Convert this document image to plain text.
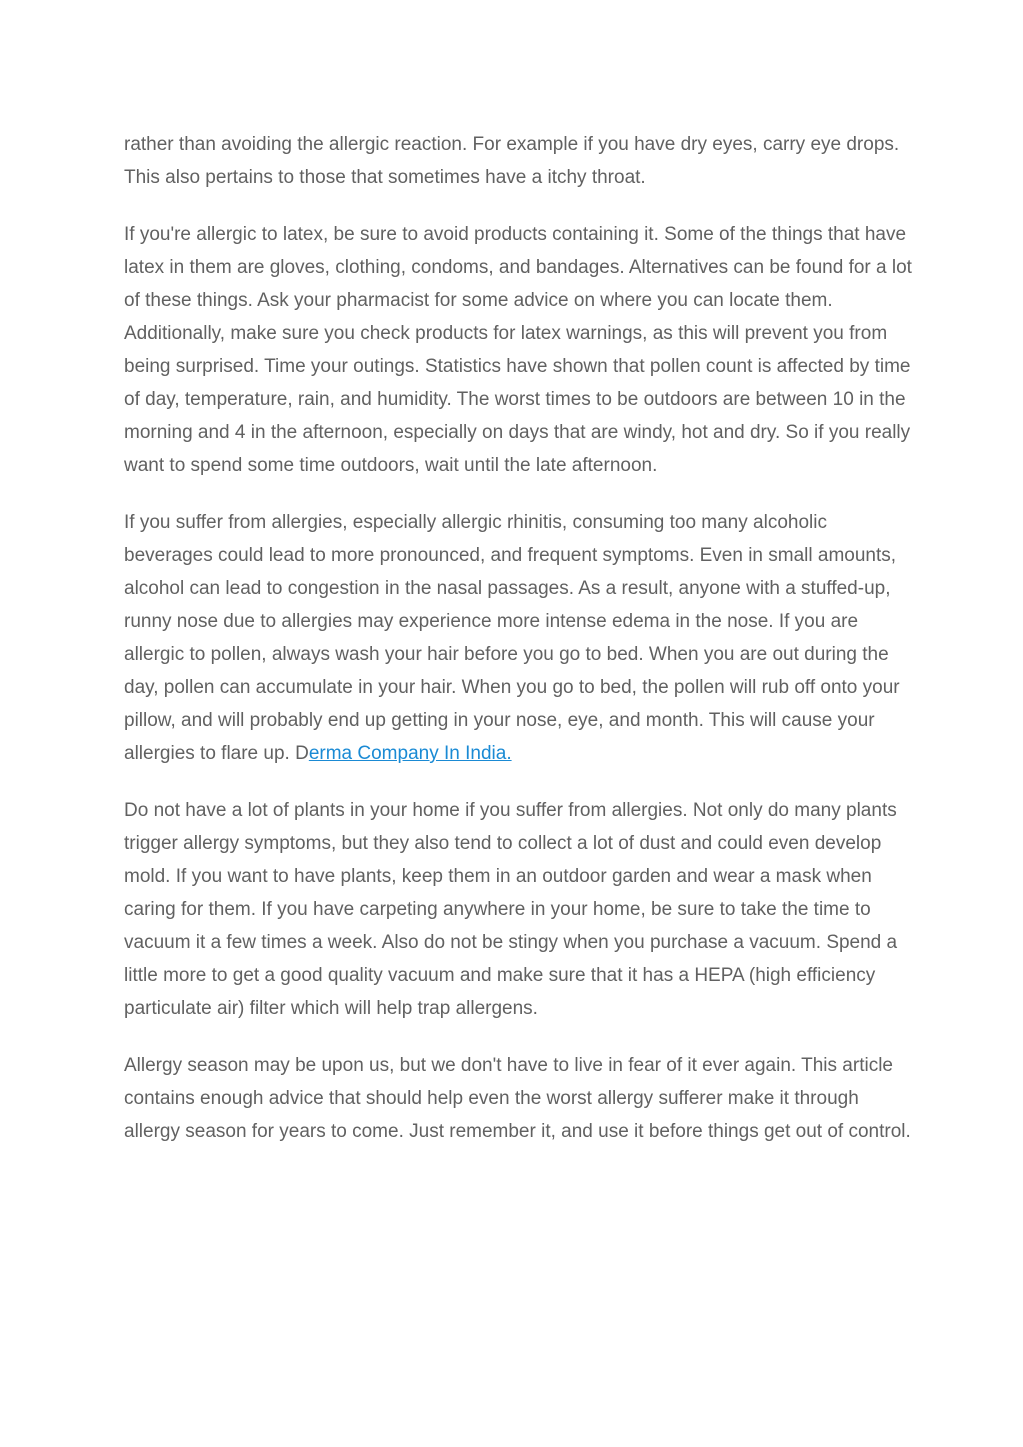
rather than avoiding the allergic reaction. For example if you have dry eyes, carry eye drops. This also pertains to those that sometimes have a itchy throat.

If you're allergic to latex, be sure to avoid products containing it. Some of the things that have latex in them are gloves, clothing, condoms, and bandages. Alternatives can be found for a lot of these things. Ask your pharmacist for some advice on where you can locate them. Additionally, make sure you check products for latex warnings, as this will prevent you from being surprised. Time your outings. Statistics have shown that pollen count is affected by time of day, temperature, rain, and humidity. The worst times to be outdoors are between 10 in the morning and 4 in the afternoon, especially on days that are windy, hot and dry. So if you really want to spend some time outdoors, wait until the late afternoon.

If you suffer from allergies, especially allergic rhinitis, consuming too many alcoholic beverages could lead to more pronounced, and frequent symptoms. Even in small amounts, alcohol can lead to congestion in the nasal passages. As a result, anyone with a stuffed-up, runny nose due to allergies may experience more intense edema in the nose. If you are allergic to pollen, always wash your hair before you go to bed. When you are out during the day, pollen can accumulate in your hair. When you go to bed, the pollen will rub off onto your pillow, and will probably end up getting in your nose, eye, and month. This will cause your allergies to flare up. Derma Company In India.

Do not have a lot of plants in your home if you suffer from allergies. Not only do many plants trigger allergy symptoms, but they also tend to collect a lot of dust and could even develop mold. If you want to have plants, keep them in an outdoor garden and wear a mask when caring for them. If you have carpeting anywhere in your home, be sure to take the time to vacuum it a few times a week. Also do not be stingy when you purchase a vacuum. Spend a little more to get a good quality vacuum and make sure that it has a HEPA (high efficiency particulate air) filter which will help trap allergens.

Allergy season may be upon us, but we don't have to live in fear of it ever again. This article contains enough advice that should help even the worst allergy sufferer make it through allergy season for years to come. Just remember it, and use it before things get out of control.
